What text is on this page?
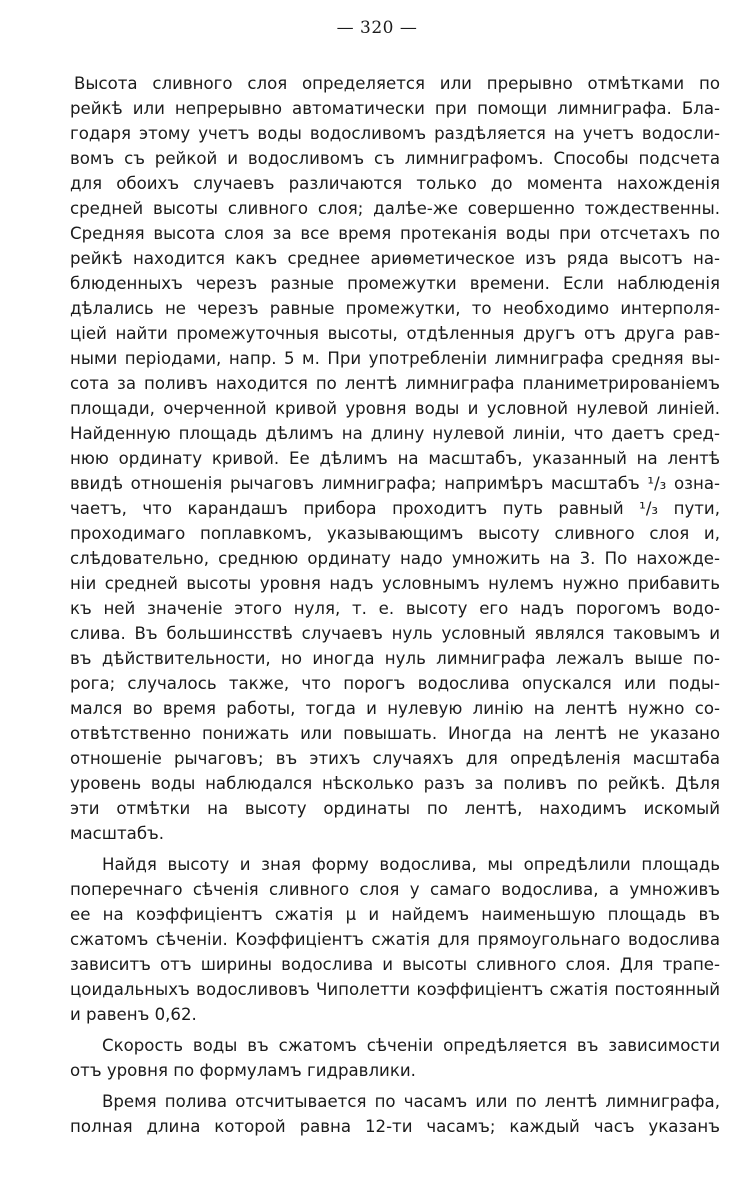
— 320 —
Высота сливного слоя определяется или прерывно отмѣтками по
рейкѣ или непрерывно автоматически при помощи лимниграфа. Бла-
годаря этому учетъ воды водосливомъ раздѣляется на учетъ водосли-
вомъ съ рейкой и водосливомъ съ лимниграфомъ. Способы подсчета
для обоихъ случаевъ различаются только до момента нахожденія
средней высоты сливного слоя; далѣе-же совершенно тождественны.
Средняя высота слоя за все время протеканія воды при отсчетахъ по
рейкѣ находится какъ среднее ариѳметическое изъ ряда высотъ на-
блюденныхъ черезъ разные промежутки времени. Если наблюденія
дѣлались не черезъ равные промежутки, то необходимо интерполя-
ціей найти промежуточныя высоты, отдѣленныя другъ отъ друга рав-
ными періодами, напр. 5 м. При употребленіи лимниграфа средняя вы-
сота за поливъ находится по лентѣ лимниграфа планиметрированіемъ
площади, очерченной кривой уровня воды и условной нулевой линіей.
Найденную площадь дѣлимъ на длину нулевой линіи, что даетъ сред-
нюю ординату кривой. Ее дѣлимъ на масштабъ, указанный на лентѣ
ввидѣ отношенія рычаговъ лимниграфа; напримѣръ масштабъ ¹/₃ озна-
чаетъ, что карандашъ прибора проходитъ путь равный ¹/₃ пути,
проходимаго поплавкомъ, указывающимъ высоту сливного слоя и,
слѣдовательно, среднюю ординату надо умножить на 3. По нахожде-
ніи средней высоты уровня надъ условнымъ нулемъ нужно прибавить
къ ней значеніе этого нуля, т. е. высоту его надъ порогомъ водо-
слива. Въ большинсствѣ случаевъ нуль условный являлся таковымъ и
въ дѣйствительности, но иногда нуль лимниграфа лежалъ выше по-
рога; случалось также, что порогъ водослива опускался или поды-
мался во время работы, тогда и нулевую линію на лентѣ нужно со-
отвѣтственно понижать или повышать. Иногда на лентѣ не указано
отношеніе рычаговъ; въ этихъ случаяхъ для опредѣленія масштаба
уровень воды наблюдался нѣсколько разъ за поливъ по рейкѣ. Дѣля
эти отмѣтки на высоту ординаты по лентѣ, находимъ искомый
масштабъ.
Найдя высоту и зная форму водослива, мы опредѣлили площадь
поперечнаго сѣченія сливного слоя у самаго водослива, а умноживъ
ее на коэффиціентъ сжатія μ и найдемъ наименьшую площадь въ
сжатомъ сѣченіи. Коэффиціентъ сжатія для прямоугольнаго водослива
зависитъ отъ ширины водослива и высоты сливного слоя. Для трапе-
цоидальныхъ водосливовъ Чиполетти коэффиціентъ сжатія постоянный
и равенъ 0,62.
Скорость воды въ сжатомъ сѣченіи опредѣляется въ зависимости
отъ уровня по формуламъ гидравлики.
Время полива отсчитывается по часамъ или по лентѣ лимниграфа,
полная длина которой равна 12-ти часамъ; каждый часъ указанъ
